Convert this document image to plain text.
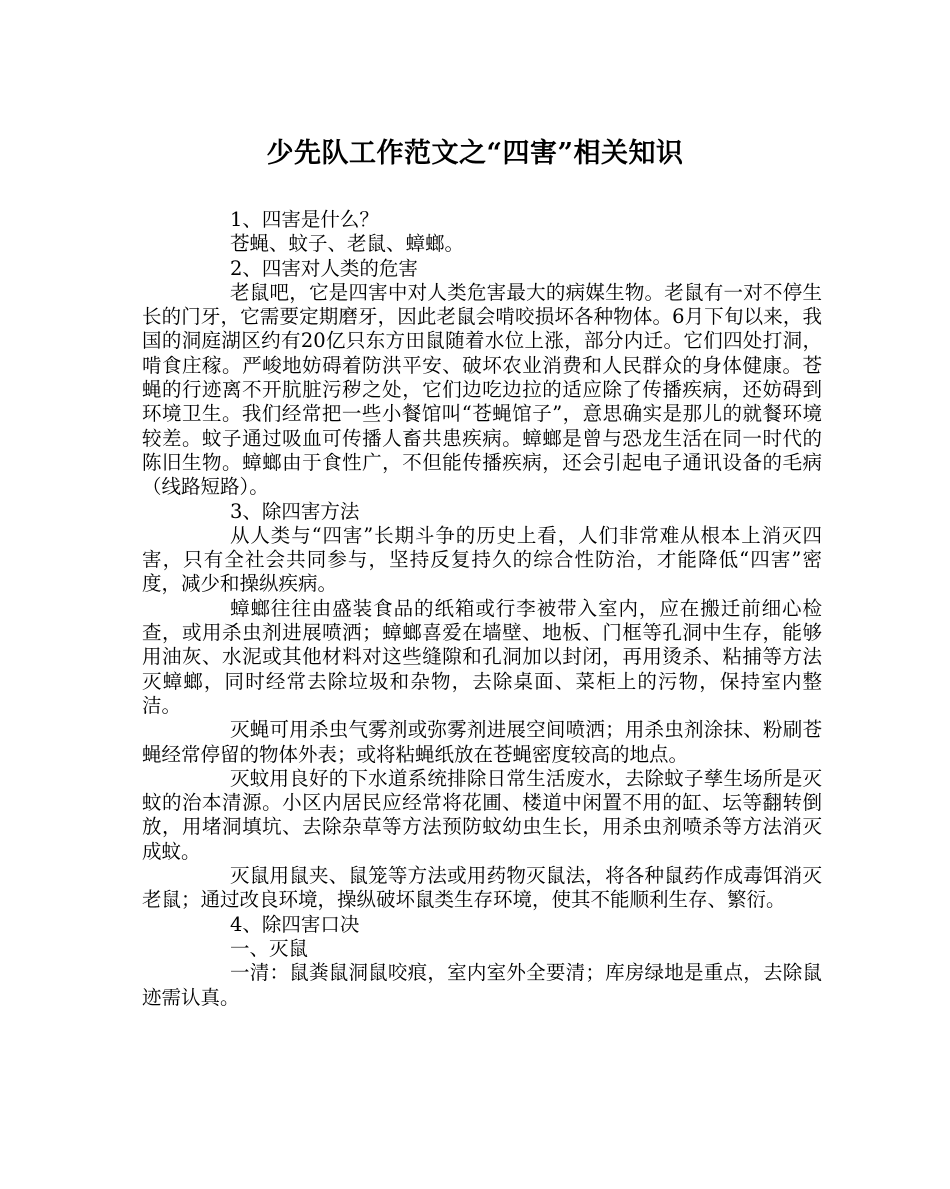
少先队工作范文之“四害”相关知识

1、四害是什么？

苍蝇、蚊子、老鼠、蟑螂。

2、四害对人类的危害

老鼠吧，它是四害中对人类危害最大的病媒生物。老鼠有一对不停生长的门牙，它需要定期磨牙，因此老鼠会啃咬损坏各种物体。6月下旬以来，我国的洞庭湖区约有20亿只东方田鼠随着水位上涨，部分内迁。它们四处打洞，啃食庄稼。严峻地妨碍着防洪平安、破坏农业消费和人民群众的身体健康。苍蝇的行迹离不开肮脏污秽之处，它们边吃边拉的适应除了传播疾病，还妨碍到环境卫生。我们经常把一些小餐馆叫“苍蝇馆子”，意思确实是那儿的就餐环境较差。蚊子通过吸血可传播人畜共患疾病。蟑螂是曾与恐龙生活在同一时代的陈旧生物。蟑螂由于食性广，不但能传播疾病，还会引起电子通讯设备的毛病（线路短路）。

3、除四害方法

从人类与“四害”长期斗争的历史上看，人们非常难从根本上消灭四害，只有全社会共同参与，坚持反复持久的综合性防治，才能降低“四害”密度，减少和操纵疾病。

蟑螂往往由盛装食品的纸箱或行李被带入室内，应在搬迁前细心检查，或用杀虫剂进展喷洒；蟑螂喜爱在墙壁、地板、门框等孔洞中生存，能够用油灰、水泥或其他材料对这些缝隙和孔洞加以封闭，再用烫杀、粘捕等方法灭蟑螂，同时经常去除垃圾和杂物，去除桌面、菜柜上的污物，保持室内整洁。

灭蝇可用杀虫气雾剂或弥雾剂进展空间喷洒；用杀虫剂涂抹、粉刷苍蝇经常停留的物体外表；或将粘蝇纸放在苍蝇密度较高的地点。

灭蚊用良好的下水道系统排除日常生活废水，去除蚊子孳生场所是灭蚊的治本清源。小区内居民应经常将花圃、楼道中闲置不用的缸、坛等翻转倒放，用堵洞填坑、去除杂草等方法预防蚊幼虫生长，用杀虫剂喷杀等方法消灭成蚊。

灭鼠用鼠夹、鼠笼等方法或用药物灭鼠法，将各种鼠药作成毒饵消灭老鼠；通过改良环境，操纵破坏鼠类生存环境，使其不能顺利生存、繁衍。

4、除四害口决

一、灭鼠

一清：鼠粪鼠洞鼠咬痕，室内室外全要清；库房绿地是重点，去除鼠迹需认真。
